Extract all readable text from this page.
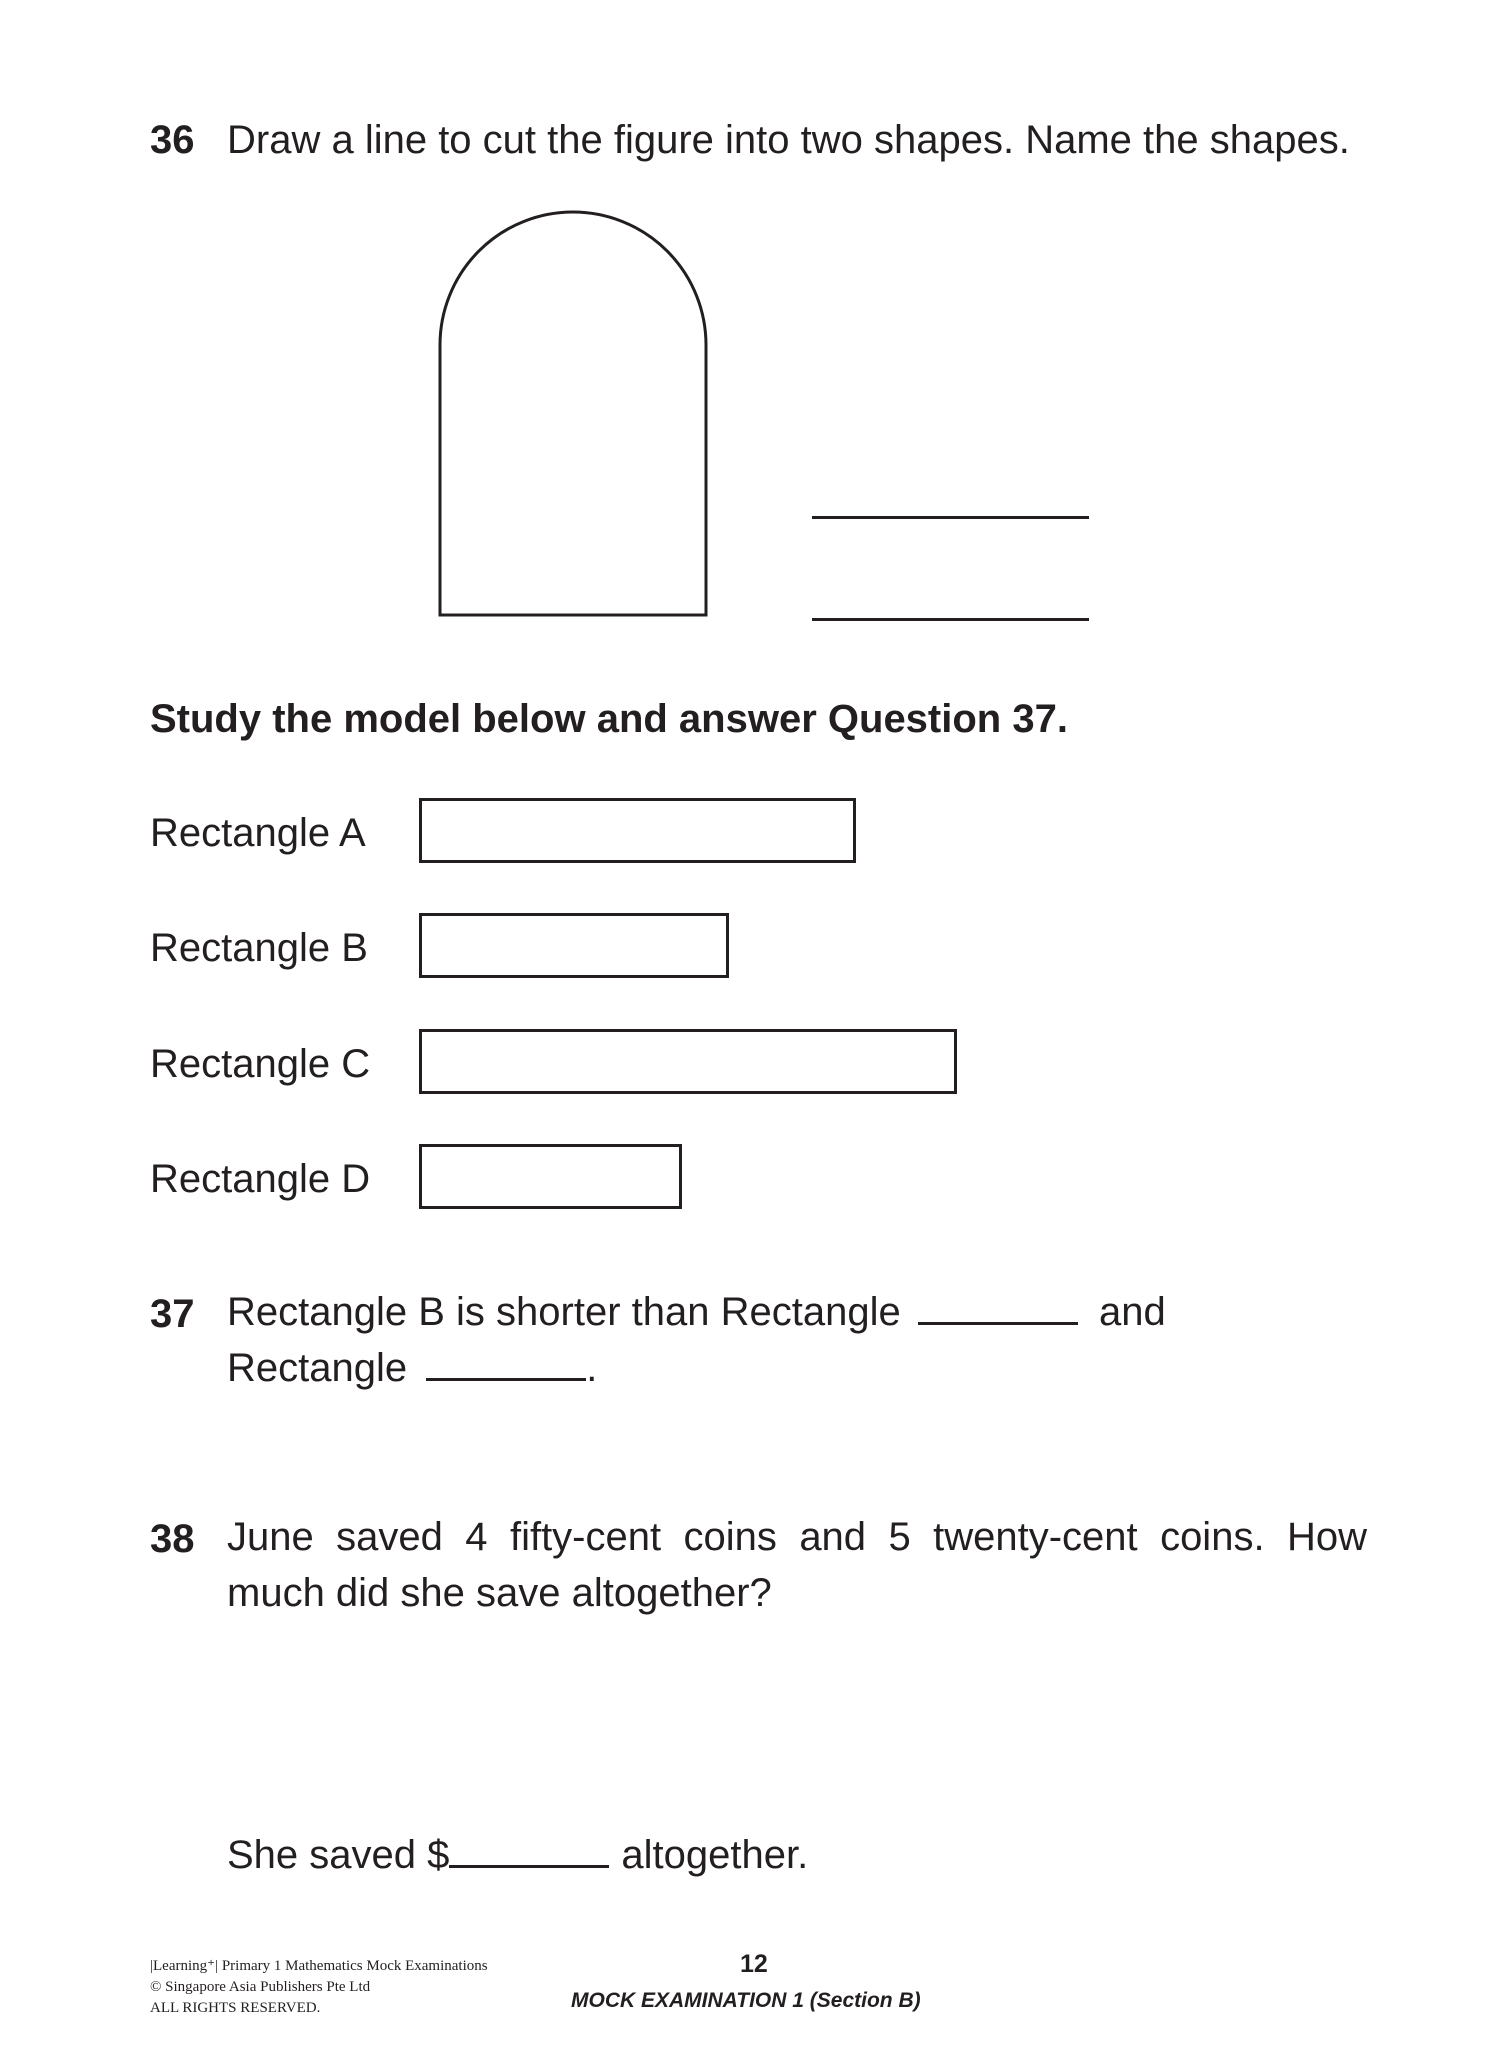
36 Draw a line to cut the figure into two shapes. Name the shapes.
Study the model below and answer Question 37.
Rectangle A
Rectangle B
Rectangle C
Rectangle D
37 Rectangle B is shorter than Rectangle	and
Rectangle	.
38 June saved 4 fifty-cent coins and 5 twenty-cent coins. How much did she save altogether?
She saved $	altogether.
|Learning⁺| Primary 1 Mathematics Mock Examinations
© Singapore Asia Publishers Pte Ltd
ALL RIGHTS RESERVED.
12
MOCK EXAMINATION 1 (Section B)
